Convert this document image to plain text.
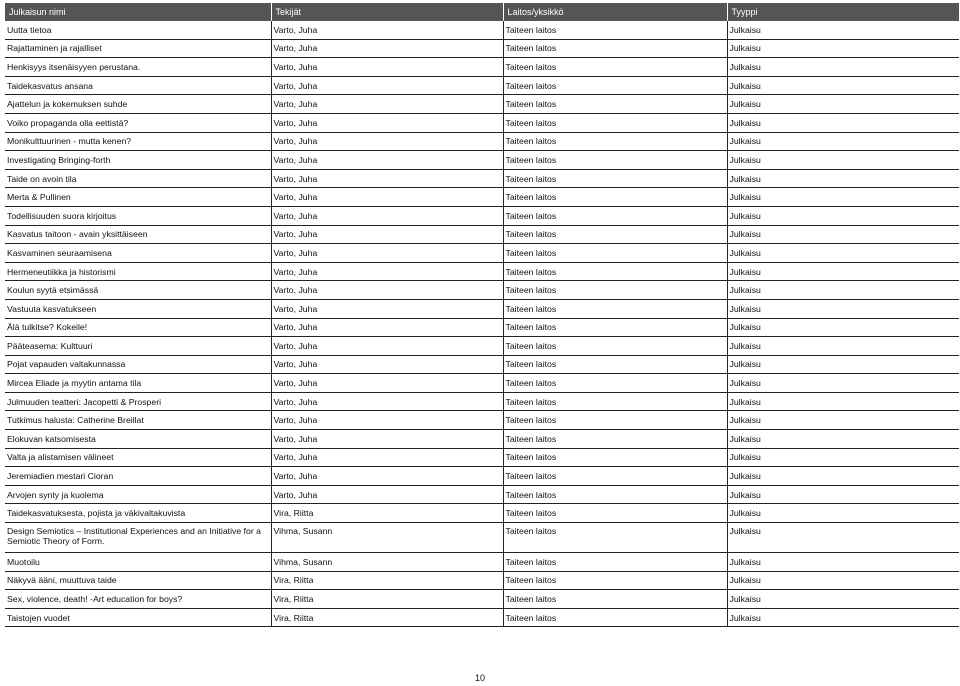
Julkaisun nimi	Tekijät	Laitos/yksikkö	Tyyppi
Uutta tietoa	Varto, Juha	Taiteen laitos	Julkaisu
Rajattaminen ja rajalliset	Varto, Juha	Taiteen laitos	Julkaisu
Henkisyys itsenäisyyen perustana.	Varto, Juha	Taiteen laitos	Julkaisu
Taidekasvatus ansana	Varto, Juha	Taiteen laitos	Julkaisu
Ajattelun ja kokemuksen suhde	Varto, Juha	Taiteen laitos	Julkaisu
Voiko propaganda olla eettistä?	Varto, Juha	Taiteen laitos	Julkaisu
Monikulttuurinen - mutta kenen?	Varto, Juha	Taiteen laitos	Julkaisu
Investigating Bringing-forth	Varto, Juha	Taiteen laitos	Julkaisu
Taide on avoin tila	Varto, Juha	Taiteen laitos	Julkaisu
Merta & Pullinen	Varto, Juha	Taiteen laitos	Julkaisu
Todellisuuden suora kirjoitus	Varto, Juha	Taiteen laitos	Julkaisu
Kasvatus taitoon - avain yksittäiseen	Varto, Juha	Taiteen laitos	Julkaisu
Kasvaminen seuraamisena	Varto, Juha	Taiteen laitos	Julkaisu
Hermeneutiikka ja historismi	Varto, Juha	Taiteen laitos	Julkaisu
Koulun syytä etsimässä	Varto, Juha	Taiteen laitos	Julkaisu
Vastuuta kasvatukseen	Varto, Juha	Taiteen laitos	Julkaisu
Älä tulkitse? Kokeile!	Varto, Juha	Taiteen laitos	Julkaisu
Pääteasema: Kulttuuri	Varto, Juha	Taiteen laitos	Julkaisu
Pojat vapauden valtakunnassa	Varto, Juha	Taiteen laitos	Julkaisu
Mircea Eliade ja myytin antama tila	Varto, Juha	Taiteen laitos	Julkaisu
Julmuuden teatteri: Jacopetti & Prosperi	Varto, Juha	Taiteen laitos	Julkaisu
Tutkimus halusta: Catherine Breillat	Varto, Juha	Taiteen laitos	Julkaisu
Elokuvan katsomisesta	Varto, Juha	Taiteen laitos	Julkaisu
Valta ja alistamisen välineet	Varto, Juha	Taiteen laitos	Julkaisu
Jeremiadien mestari Cioran	Varto, Juha	Taiteen laitos	Julkaisu
Arvojen synty ja kuolema	Varto, Juha	Taiteen laitos	Julkaisu
Taidekasvatuksesta, pojista ja väkivaltakuvista	Vira, Riitta	Taiteen laitos	Julkaisu
Design Semiotics – Institutional Experiences and an Initiative for a Semiotic Theory of Form.	Vihma, Susann	Taiteen laitos	Julkaisu
Muotoilu	Vihma, Susann	Taiteen laitos	Julkaisu
Näkyvä ääni, muuttuva taide	Vira, Riitta	Taiteen laitos	Julkaisu
Sex, violence, death! -Art education for boys?	Vira, Riitta	Taiteen laitos	Julkaisu
Taistojen vuodet	Vira, Riitta	Taiteen laitos	Julkaisu
10
